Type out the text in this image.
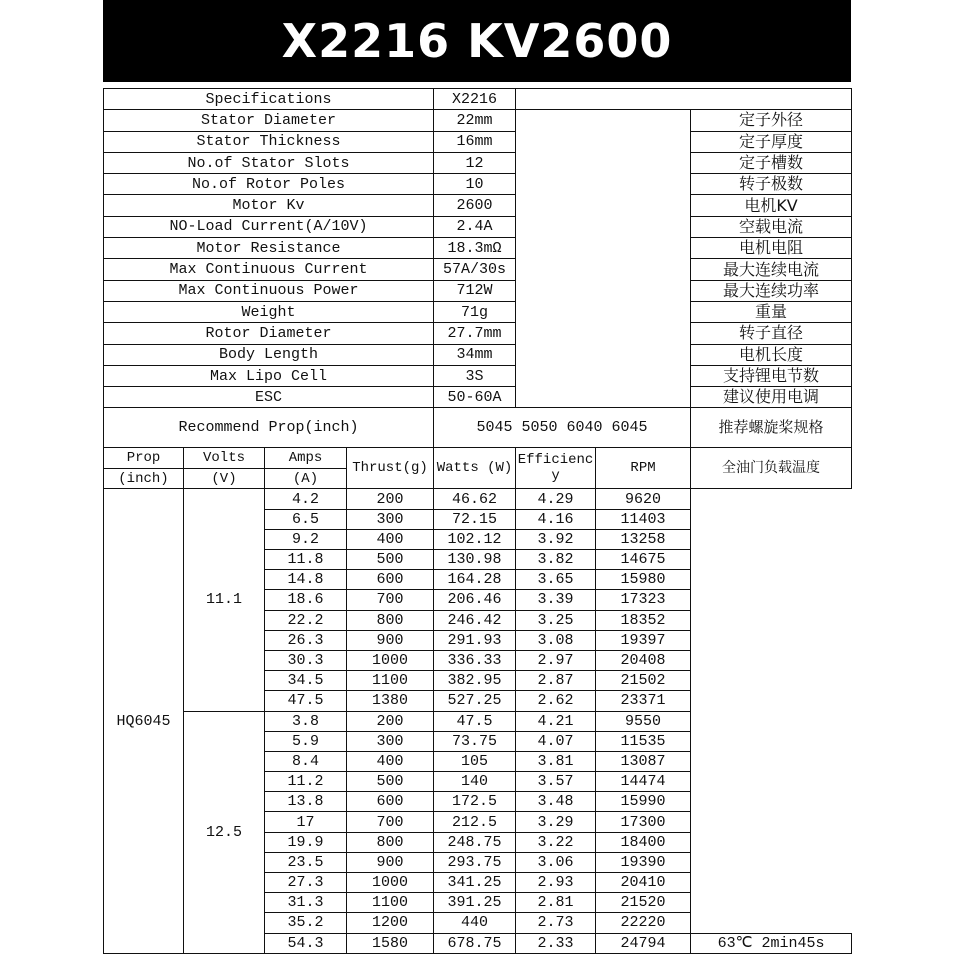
X2216 KV2600
Specifications				X2216			
Stator Diameter				22mm			定子外径
Stator Thickness				16mm			定子厚度
No.of Stator Slots				12			定子槽数
No.of Rotor Poles				10			转子极数
Motor Kv				2600			电机KV
NO-Load Current(A/10V)				2.4A			空载电流
Motor Resistance				18.3mΩ			电机电阻
Max Continuous Current				57A/30s			最大连续电流
Max Continuous Power				712W			最大连续功率
Weight				71g			重量
Rotor Diameter				27.7mm			转子直径
Body Length				34mm			电机长度
Max Lipo Cell				3S			支持锂电节数
ESC				50-60A			建议使用电调
Recommend Prop(inch)				5045 5050 6040 6045			推荐螺旋桨规格
Prop	Volts	Amps	Thrust(g)	Watts (W)	Efficiency	RPM	全油门负载温度
(inch)	(V)	(A)					
HQ6045	11.1	4.2	200	46.62	4.29	9620	
		6.5	300	72.15	4.16	11403	
		9.2	400	102.12	3.92	13258	
		11.8	500	130.98	3.82	14675	
		14.8	600	164.28	3.65	15980	
		18.6	700	206.46	3.39	17323	
		22.2	800	246.42	3.25	18352	
		26.3	900	291.93	3.08	19397	
		30.3	1000	336.33	2.97	20408	
		34.5	1100	382.95	2.87	21502	
		47.5	1380	527.25	2.62	23371	
	12.5	3.8	200	47.5	4.21	9550	
		5.9	300	73.75	4.07	11535	
		8.4	400	105	3.81	13087	
		11.2	500	140	3.57	14474	
		13.8	600	172.5	3.48	15990	
		17	700	212.5	3.29	17300	
		19.9	800	248.75	3.22	18400	
		23.5	900	293.75	3.06	19390	
		27.3	1000	341.25	2.93	20410	
		31.3	1100	391.25	2.81	21520	
		35.2	1200	440	2.73	22220	
		54.3	1580	678.75	2.33	24794	63℃ 2min45s
